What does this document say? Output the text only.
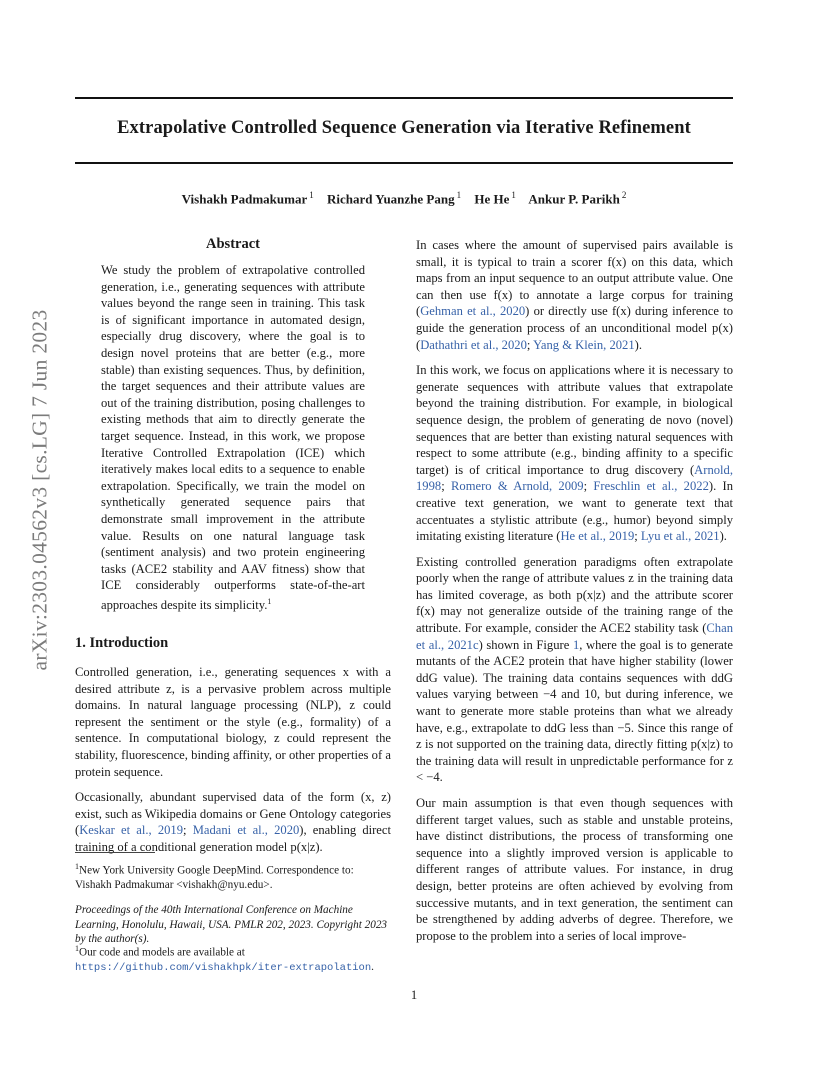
Extrapolative Controlled Sequence Generation via Iterative Refinement
Vishakh Padmakumar $^1$ Richard Yuanzhe Pang $^1$ He He $^1$ Ankur P. Parikh $^2$
arXiv:2303.04562v3 [cs.LG] 7 Jun 2023
Abstract
We study the problem of extrapolative controlled generation, i.e., generating sequences with attribute values beyond the range seen in training. This task is of significant importance in automated design, especially drug discovery, where the goal is to design novel proteins that are better (e.g., more stable) than existing sequences. Thus, by definition, the target sequences and their attribute values are out of the training distribution, posing challenges to existing methods that aim to directly generate the target sequence. Instead, in this work, we propose Iterative Controlled Extrapolation (ICE) which iteratively makes local edits to a sequence to enable extrapolation. Specifically, we train the model on synthetically generated sequence pairs that demonstrate small improvement in the attribute value. Results on one natural language task (sentiment analysis) and two protein engineering tasks (ACE2 stability and AAV fitness) show that ICE considerably outperforms state-of-the-art approaches despite its simplicity.$^1$
1. Introduction

Controlled generation, i.e., generating sequences x with a desired attribute z, is a pervasive problem across multiple domains. In natural language processing (NLP), z could represent the sentiment or the style (e.g., formality) of a sentence. In computational biology, z could represent the stability, fluorescence, binding affinity, or other properties of a protein sequence.

Occasionally, abundant supervised data of the form (x, z) exist, such as Wikipedia domains or Gene Ontology categories (Keskar et al., 2019; Madani et al., 2020), enabling direct training of a conditional generation model p(x|z).

$^1$New York University Google DeepMind. Correspondence to: Vishakh Padmakumar <vishakh@nyu.edu>.
Proceedings of the 40th International Conference on Machine Learning, Honolulu, Hawaii, USA. PMLR 202, 2023. Copyright 2023 by the author(s).
$^1$Our code and models are available at https://github.com/vishakhpk/iter-extrapolation.

In cases where the amount of supervised pairs available is small, it is typical to train a scorer f(x) on this data, which maps from an input sequence to an output attribute value. One can then use f(x) to annotate a large corpus for training (Gehman et al., 2020) or directly use f(x) during inference to guide the generation process of an unconditional model p(x) (Dathathri et al., 2020; Yang & Klein, 2021).

In this work, we focus on applications where it is necessary to generate sequences with attribute values that extrapolate beyond the training distribution. For example, in biological sequence design, the problem of generating de novo (novel) sequences that are better than existing natural sequences with respect to some attribute (e.g., binding affinity to a specific target) is of critical importance to drug discovery (Arnold, 1998; Romero & Arnold, 2009; Freschlin et al., 2022). In creative text generation, we want to generate text that accentuates a stylistic attribute (e.g., humor) beyond simply imitating existing literature (He et al., 2019; Lyu et al., 2021).

Existing controlled generation paradigms often extrapolate poorly when the range of attribute values z in the training data has limited coverage, as both p(x|z) and the attribute scorer f(x) may not generalize outside of the training range of the attribute. For example, consider the ACE2 stability task (Chan et al., 2021c) shown in Figure 1, where the goal is to generate mutants of the ACE2 protein that have higher stability (lower ddG value). The training data contains sequences with ddG values varying between −4 and 10, but during inference, we want to generate more stable proteins than what we already have, e.g., extrapolate to ddG less than −5. Since this range of z is not supported on the training data, directly fitting p(x|z) to the training data will result in unpredictable performance for z < −4.

Our main assumption is that even though sequences with different target values, such as stable and unstable proteins, have distinct distributions, the process of transforming one sequence into a slightly improved version is applicable to different ranges of attribute values. For instance, in drug design, better proteins are often achieved by evolving from successive mutants, and in text generation, the sentiment can be strengthened by adding adverbs of degree. Therefore, we propose to the problem into a series of local improve-

1
